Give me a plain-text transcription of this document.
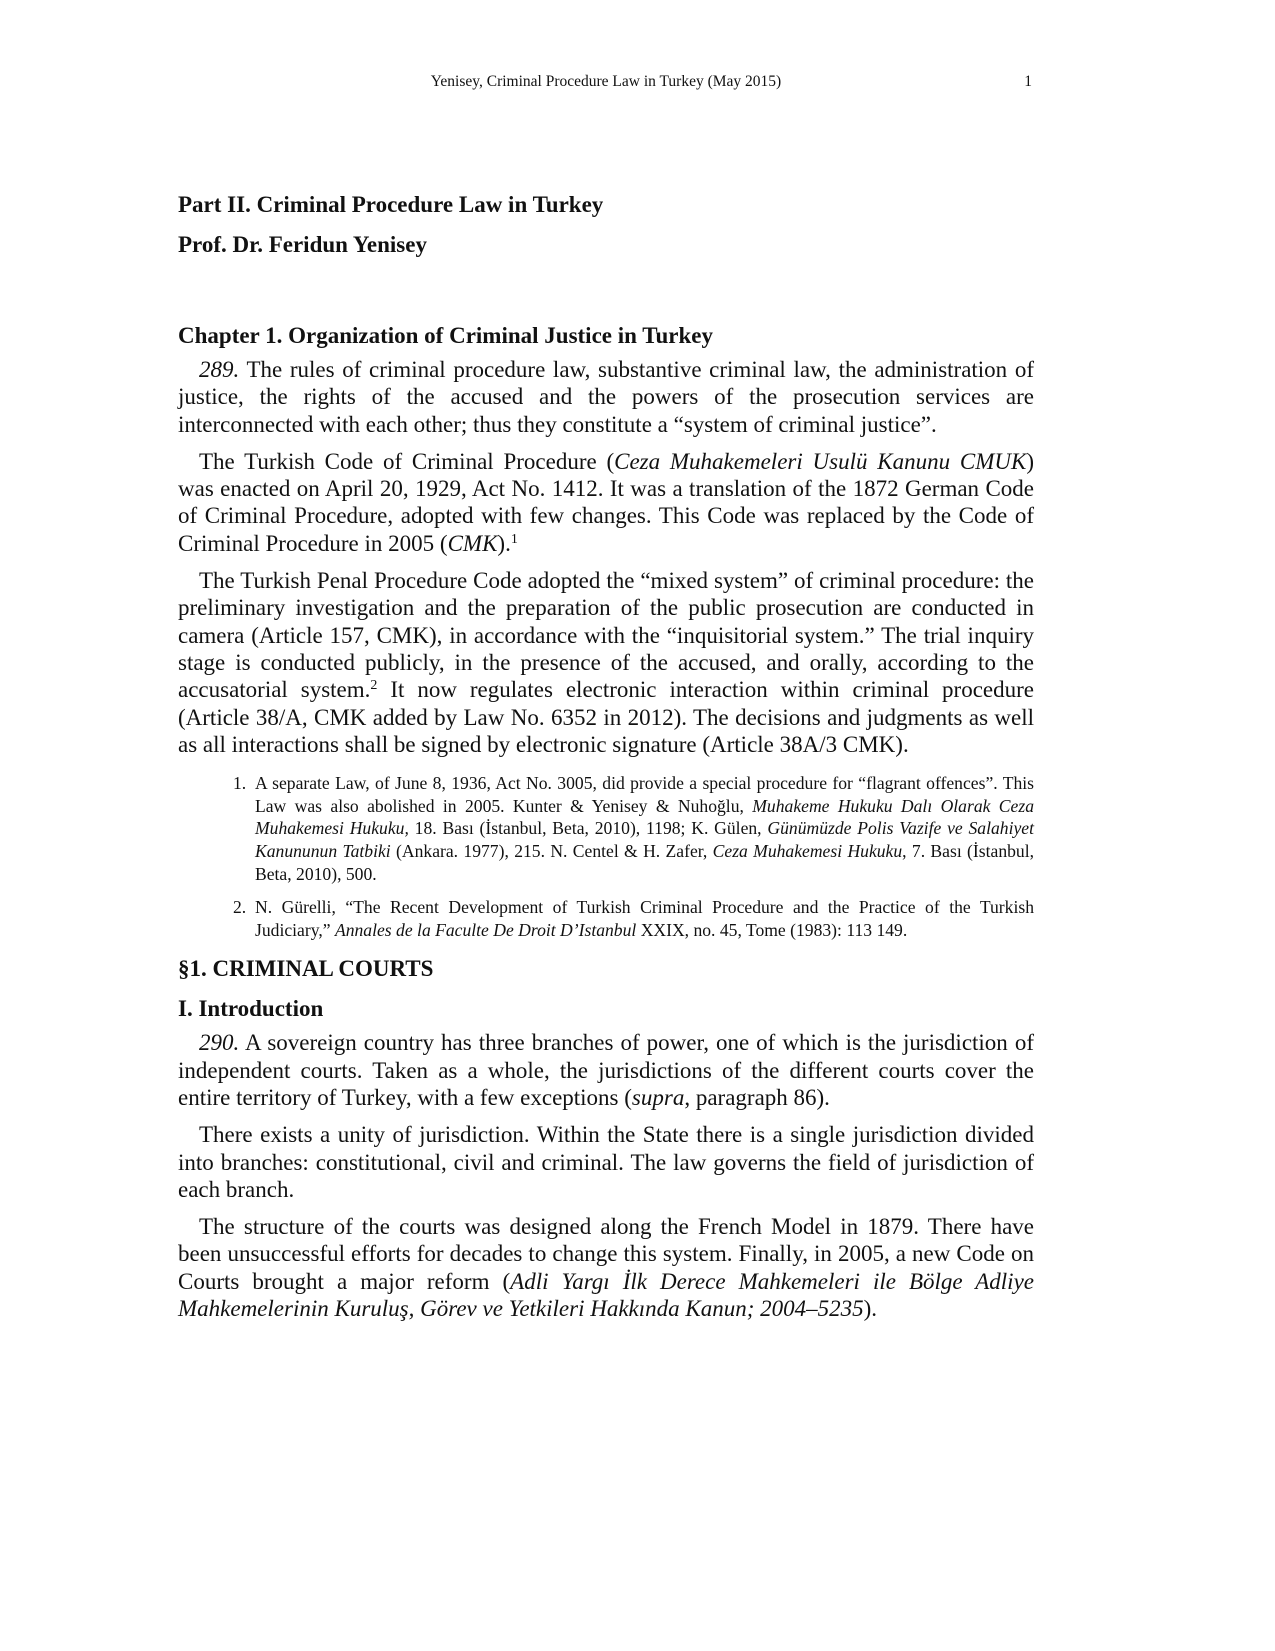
Yenisey, Criminal Procedure Law in Turkey (May 2015)	1
Part II. Criminal Procedure Law in Turkey
Prof. Dr. Feridun Yenisey
Chapter 1. Organization of Criminal Justice in Turkey

289. The rules of criminal procedure law, substantive criminal law, the administration of justice, the rights of the accused and the powers of the prosecution services are interconnected with each other; thus they constitute a “system of criminal justice”.

The Turkish Code of Criminal Procedure (Ceza Muhakemeleri Usulü Kanunu CMUK) was enacted on April 20, 1929, Act No. 1412. It was a translation of the 1872 German Code of Criminal Procedure, adopted with few changes. This Code was replaced by the Code of Criminal Procedure in 2005 (CMK).$^1$

The Turkish Penal Procedure Code adopted the “mixed system” of criminal procedure: the preliminary investigation and the preparation of the public prosecution are conducted in camera (Article 157, CMK), in accordance with the “inquisitorial system.” The trial inquiry stage is conducted publicly, in the presence of the accused, and orally, according to the accusatorial system.$^2$ It now regulates electronic interaction within criminal procedure (Article 38/A, CMK added by Law No. 6352 in 2012). The decisions and judgments as well as all interactions shall be signed by electronic signature (Article 38A/3 CMK).

1. A separate Law, of June 8, 1936, Act No. 3005, did provide a special procedure for “flagrant offences”. This Law was also abolished in 2005. Kunter & Yenisey & Nuhoğlu, Muhakeme Hukuku Dalı Olarak Ceza Muhakemesi Hukuku, 18. Bası (İstanbul, Beta, 2010), 1198; K. Gülen, Günümüzde Polis Vazife ve Salahiyet Kanununun Tatbiki (Ankara. 1977), 215. N. Centel & H. Zafer, Ceza Muhakemesi Hukuku, 7. Bası (İstanbul, Beta, 2010), 500.
2. N. Gürelli, “The Recent Development of Turkish Criminal Procedure and the Practice of the Turkish Judiciary,” Annales de la Faculte De Droit D’Istanbul XXIX, no. 45, Tome (1983): 113 149.
§1. CRIMINAL COURTS
I. Introduction

290. A sovereign country has three branches of power, one of which is the jurisdiction of independent courts. Taken as a whole, the jurisdictions of the different courts cover the entire territory of Turkey, with a few exceptions (supra, paragraph 86).

There exists a unity of jurisdiction. Within the State there is a single jurisdiction divided into branches: constitutional, civil and criminal. The law governs the field of jurisdiction of each branch.

The structure of the courts was designed along the French Model in 1879. There have been unsuccessful efforts for decades to change this system. Finally, in 2005, a new Code on Courts brought a major reform (Adli Yargı İlk Derece Mahkemeleri ile Bölge Adliye Mahkemelerinin Kuruluş, Görev ve Yetkileri Hakkında Kanun; 2004–5235).
